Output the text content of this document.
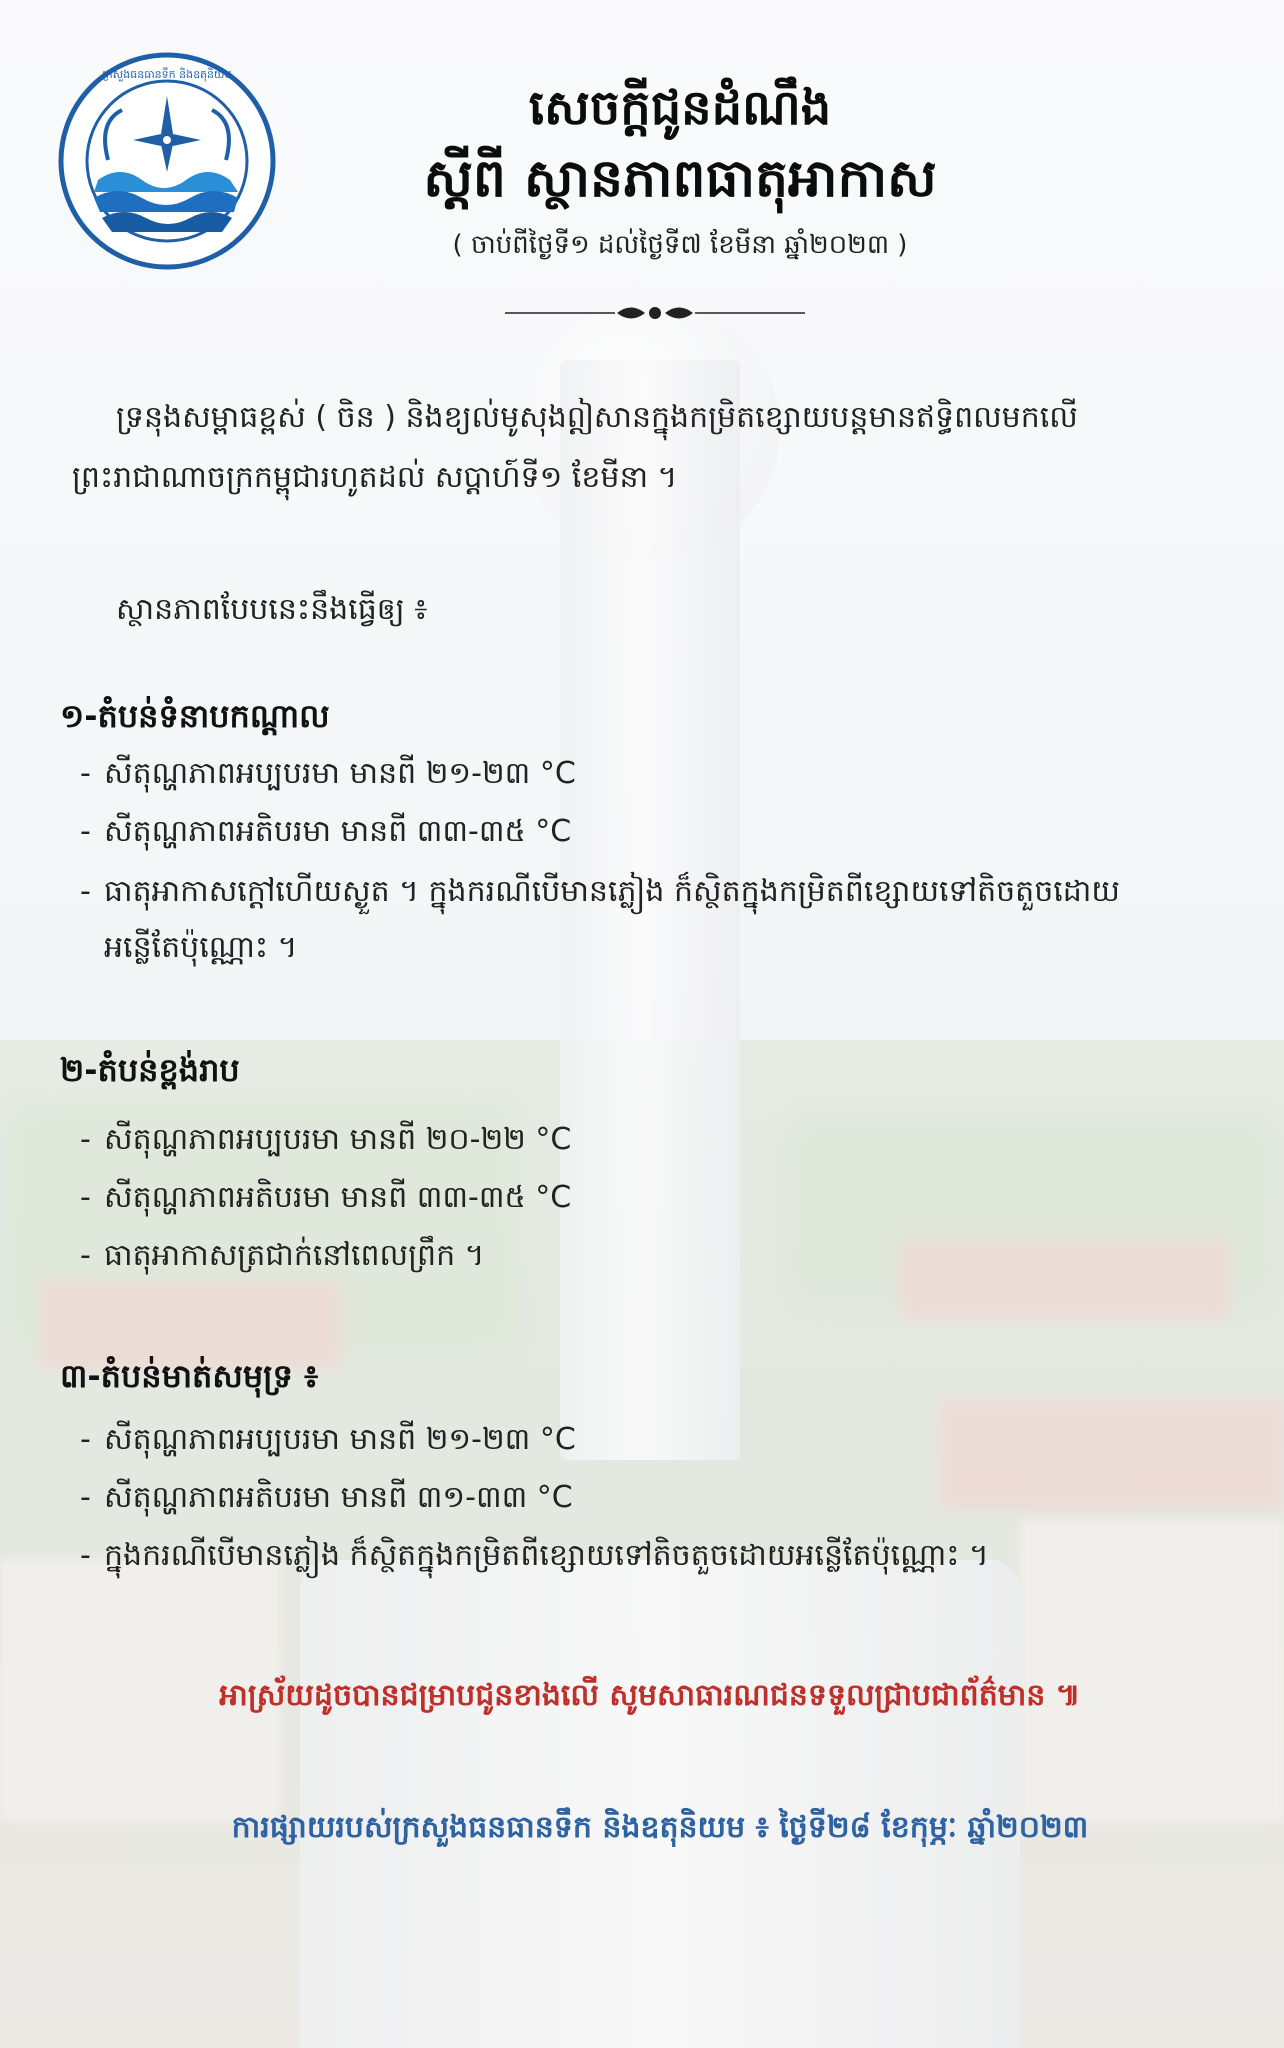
ក្រសួងធនធានទឹក និងឧតុនិយម
សេចក្តីជូនដំណឹង
ស្តីពី ស្ថានភាពធាតុអាកាស
( ចាប់ពីថ្ងៃទី១ ដល់ថ្ងៃទី៧ ខែមីនា ឆ្នាំ២០២៣ )
ទ្រនុងសម្ពាធខ្ពស់ ( ចិន ) និងខ្យល់មូសុងឦសានក្នុងកម្រិតខ្សោយបន្តមានឥទ្ធិពលមកលើ
ព្រះរាជាណាចក្រកម្ពុជារហូតដល់ សប្តាហ៍ទី១ ខែមីនា ។
ស្ថានភាពបែបនេះនឹងធ្វើឲ្យ ៖
១-តំបន់ទំនាបកណ្តាល
- សីតុណ្ហភាពអប្បបរមា មានពី ២១-២៣ °C
- សីតុណ្ហភាពអតិបរមា មានពី ៣៣-៣៥ °C
- ធាតុអាកាសក្តៅហើយស្ងួត ។ ក្នុងករណីបើមានភ្លៀង ក៏ស្ថិតក្នុងកម្រិតពីខ្សោយទៅតិចតួចដោយ
អន្លើតែប៉ុណ្ណោះ ។
២-តំបន់ខ្ពង់រាប
- សីតុណ្ហភាពអប្បបរមា មានពី ២០-២២ °C
- សីតុណ្ហភាពអតិបរមា មានពី ៣៣-៣៥ °C
- ធាតុអាកាសត្រជាក់នៅពេលព្រឹក ។
៣-តំបន់មាត់សមុទ្រ ៖
- សីតុណ្ហភាពអប្បបរមា មានពី ២១-២៣ °C
- សីតុណ្ហភាពអតិបរមា មានពី ៣១-៣៣ °C
- ក្នុងករណីបើមានភ្លៀង ក៏ស្ថិតក្នុងកម្រិតពីខ្សោយទៅតិចតួចដោយអន្លើតែប៉ុណ្ណោះ ។
អាស្រ័យដូចបានជម្រាបជូនខាងលើ សូមសាធារណជនទទួលជ្រាបជាព័ត៌មាន ៕
ការផ្សាយរបស់ក្រសួងធនធានទឹក និងឧតុនិយម ៖ ថ្ងៃទី២៨ ខែកុម្ភៈ ឆ្នាំ២០២៣
